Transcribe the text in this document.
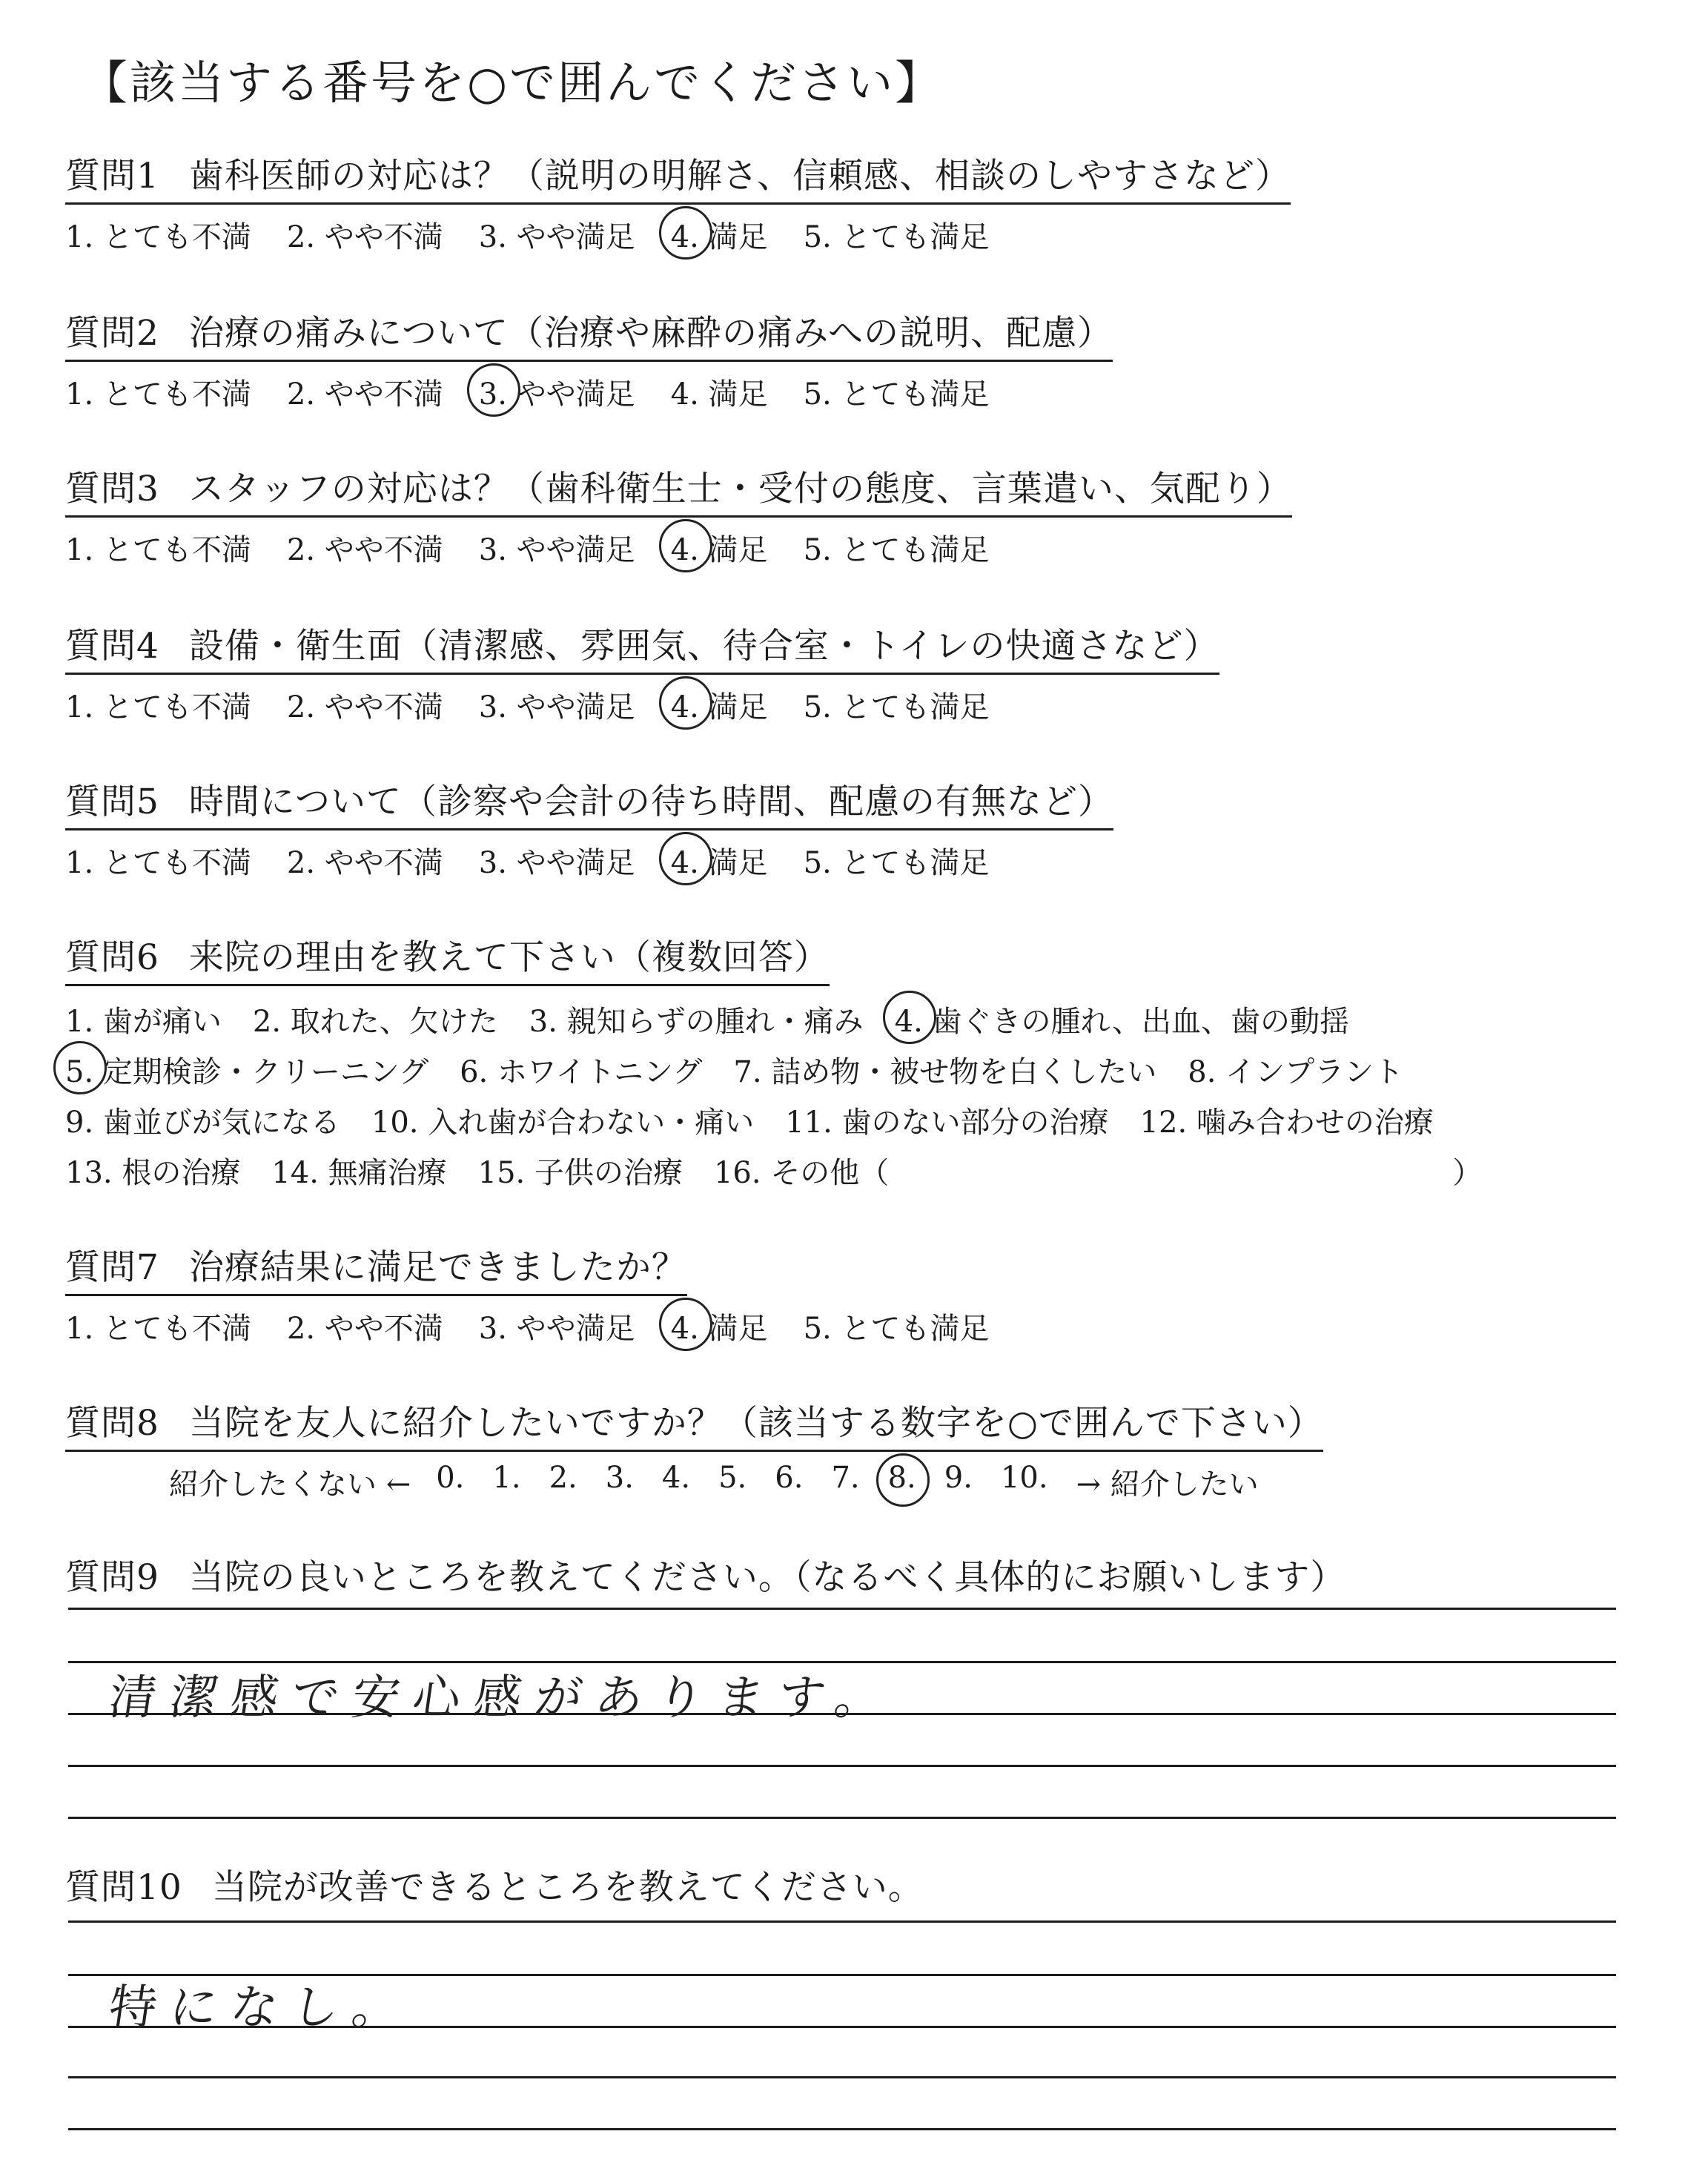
【該当する番号を○で囲んでください】
質問1 歯科医師の対応は？（説明の明解さ、信頼感、相談のしやすさなど）
1. とても不満 2. やや不満 3. やや満足 4. 満足 5. とても満足
質問2 治療の痛みについて（治療や麻酔の痛みへの説明、配慮）
1. とても不満 2. やや不満 3. やや満足 4. 満足 5. とても満足
質問3 スタッフの対応は？（歯科衛生士・受付の態度、言葉遣い、気配り）
1. とても不満 2. やや不満 3. やや満足 4. 満足 5. とても満足
質問4 設備・衛生面（清潔感、雰囲気、待合室・トイレの快適さなど）
1. とても不満 2. やや不満 3. やや満足 4. 満足 5. とても満足
質問5 時間について（診察や会計の待ち時間、配慮の有無など）
1. とても不満 2. やや不満 3. やや満足 4. 満足 5. とても満足
質問6 来院の理由を教えて下さい（複数回答）
1. 歯が痛い 2. 取れた、欠けた 3. 親知らずの腫れ・痛み 4. 歯ぐきの腫れ、出血、歯の動揺
5. 定期検診・クリーニング 6. ホワイトニング 7. 詰め物・被せ物を白くしたい 8. インプラント
9. 歯並びが気になる 10. 入れ歯が合わない・痛い 11. 歯のない部分の治療 12. 噛み合わせの治療
13. 根の治療 14. 無痛治療 15. 子供の治療 16. その他（	）
質問7 治療結果に満足できましたか？
1. とても不満 2. やや不満 3. やや満足 4. 満足 5. とても満足
質問8 当院を友人に紹介したいですか？（該当する数字を○で囲んで下さい）
紹介したくない ← 0. 1. 2. 3. 4. 5. 6. 7. 8. 9. 10. → 紹介したい
質問9 当院の良いところを教えてください。（なるべく具体的にお願いします）
清潔感で安心感があります。
質問10 当院が改善できるところを教えてください。
特になし。
